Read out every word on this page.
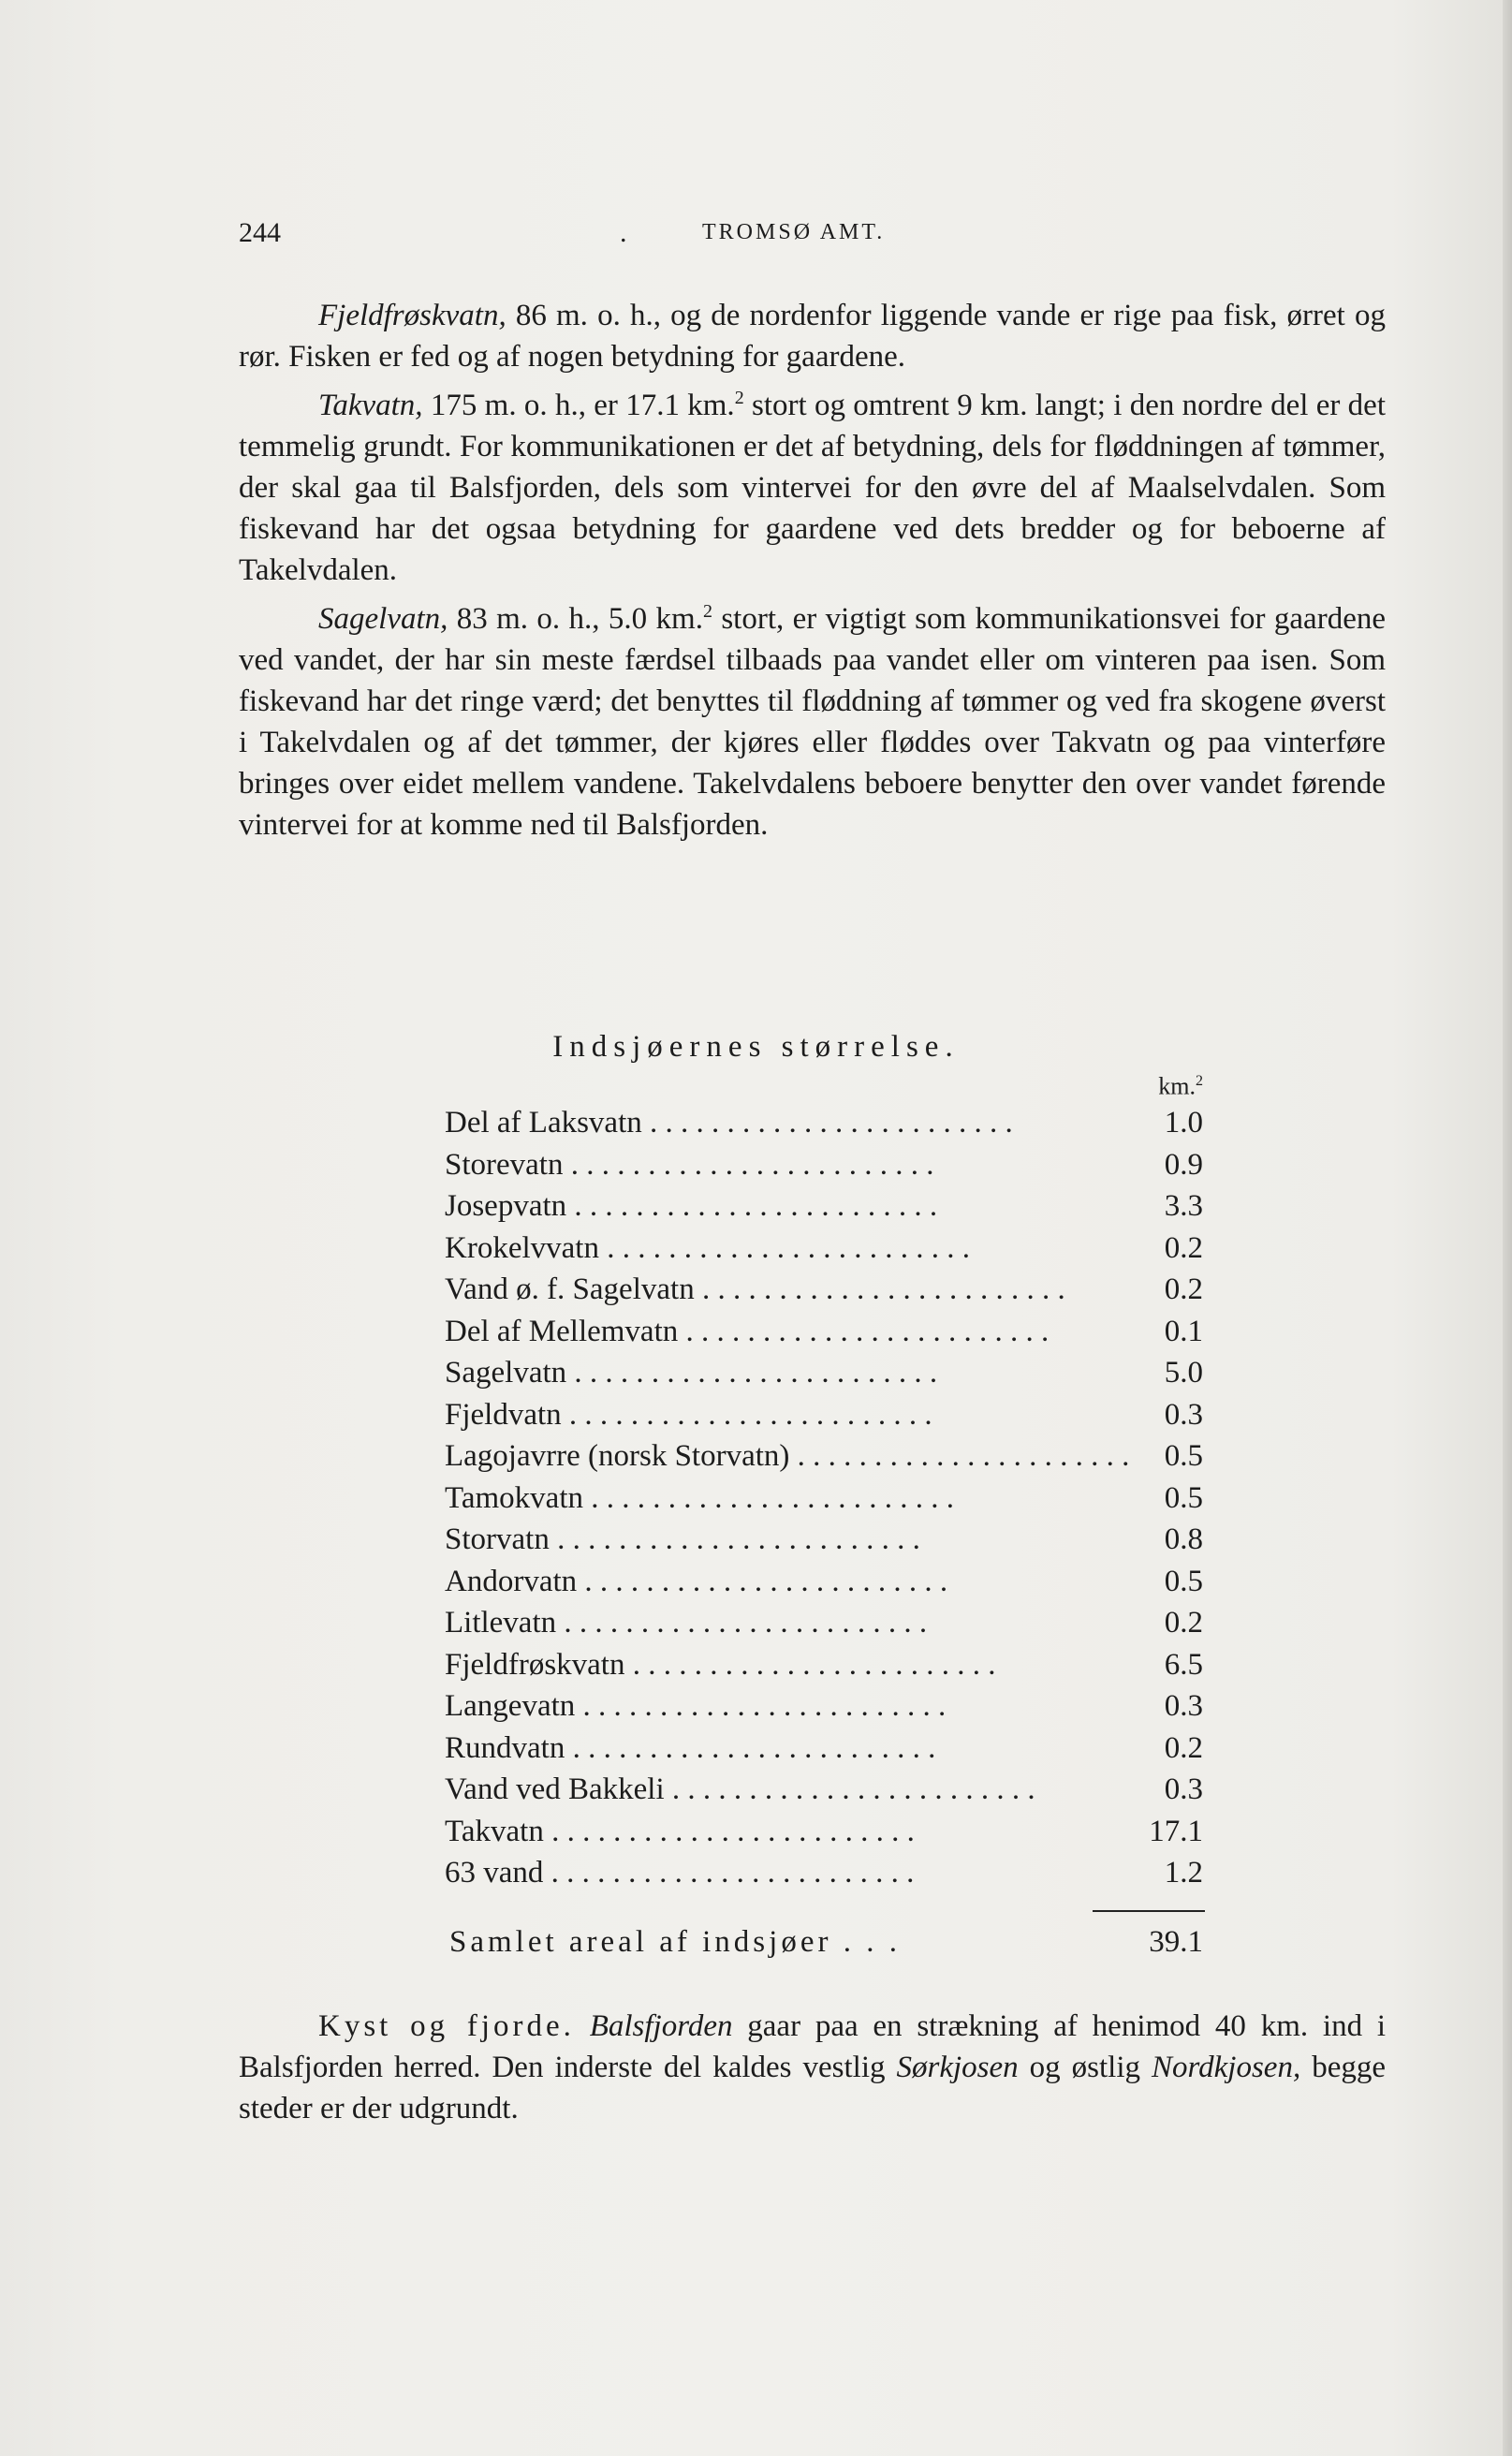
244	.	TROMSØ AMT.

Fjeldfrøskvatn, 86 m. o. h., og de nordenfor liggende vande er rige paa fisk, ørret og rør. Fisken er fed og af nogen betydning for gaardene.

Takvatn, 175 m. o. h., er 17.1 km.$^2$ stort og omtrent 9 km. langt; i den nordre del er det temmelig grundt. For kommunikationen er det af betydning, dels for fløddningen af tømmer, der skal gaa til Balsfjorden, dels som vintervei for den øvre del af Maalselvdalen. Som fiskevand har det ogsaa betydning for gaardene ved dets bredder og for beboerne af Takelvdalen.

Sagelvatn, 83 m. o. h., 5.0 km.$^2$ stort, er vigtigt som kommunikationsvei for gaardene ved vandet, der har sin meste færdsel tilbaads paa vandet eller om vinteren paa isen. Som fiskevand har det ringe værd; det benyttes til fløddning af tømmer og ved fra skogene øverst i Takelvdalen og af det tømmer, der kjøres eller fløddes over Takvatn og paa vinterføre bringes over eidet mellem vandene. Takelvdalens beboere benytter den over vandet førende vintervei for at komme ned til Balsfjorden.

Indsjøernes størrelse.
km.$^2$
Del af Laksvatn . . .	1.0
Storevatn . . .	0.9
Josepvatn . . .	3.3
Krokelvvatn . . .	0.2
Vand ø. f. Sagelvatn . . .	0.2
Del af Mellemvatn . . .	0.1
Sagelvatn . . .	5.0
Fjeldvatn . . .	0.3
Lagojavrre (norsk Storvatn) . . .	0.5
Tamokvatn . . .	0.5
Storvatn . . .	0.8
Andorvatn . . .	0.5
Litlevatn . . .	0.2
Fjeldfrøskvatn . . .	6.5
Langevatn . . .	0.3
Rundvatn . . .	0.2
Vand ved Bakkeli . . .	0.3
Takvatn . . .	17.1
63 vand . . .	1.2
Samlet areal af indsjøer . . .	39.1

Kyst og fjorde. Balsfjorden gaar paa en strækning af henimod 40 km. ind i Balsfjorden herred. Den inderste del kaldes vestlig Sørkjosen og østlig Nordkjosen, begge steder er der udgrundt.
